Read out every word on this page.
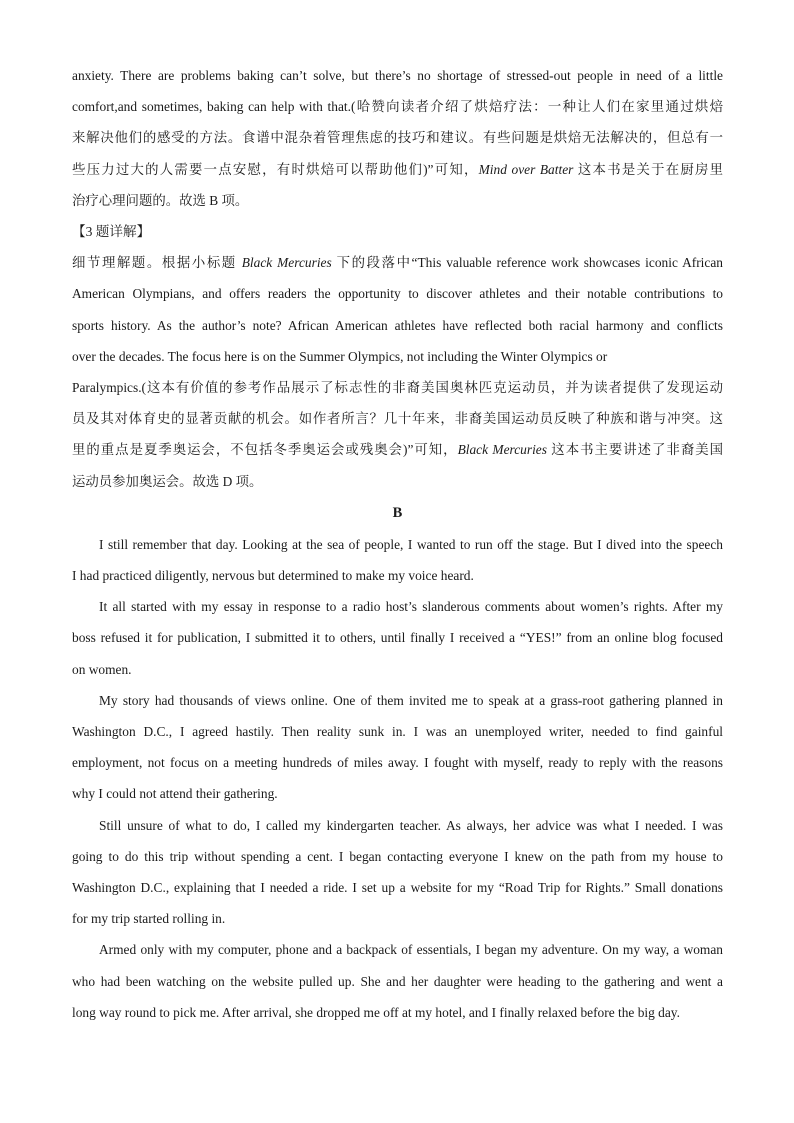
anxiety. There are problems baking can’t solve, but there’s no shortage of stressed-out people in need of a little
comfort,and sometimes, baking can help with that.(哈赞向读者介绍了烘焙疗法：一种让人们在家里通过烘焙
来解决他们的感受的方法。食谱中混杂着管理焦虑的技巧和建议。有些问题是烘焙无法解决的，但总有一
些压力过大的人需要一点安慰，有时烘焙可以帮助他们)”可知，Mind over Batter 这本书是关于在厨房里
治疗心理问题的。故选 B 项。
【3 题详解】
细节理解题。根据小标题 Black Mercuries 下的段落中“This valuable reference work showcases iconic African
American Olympians, and offers readers the opportunity to discover athletes and their notable contributions to
sports history. As the author’s note? African American athletes have reflected both racial harmony and conflicts
over the decades. The focus here is on the Summer Olympics, not including the Winter Olympics or
Paralympics.(这本有价值的参考作品展示了标志性的非裔美国奥林匹克运动员，并为读者提供了发现运动
员及其对体育史的显著贡献的机会。如作者所言？几十年来，非裔美国运动员反映了种族和谐与冲突。这
里的重点是夏季奥运会，不包括冬季奥运会或残奥会)”可知，Black Mercuries 这本书主要讲述了非裔美国
运动员参加奥运会。故选 D 项。
B
I still remember that day. Looking at the sea of people, I wanted to run off the stage. But I dived into the speech
I had practiced diligently, nervous but determined to make my voice heard.
It all started with my essay in response to a radio host’s slanderous comments about women’s rights. After my
boss refused it for publication, I submitted it to others, until finally I received a “YES!” from an online blog focused
on women.
My story had thousands of views online. One of them invited me to speak at a grass-root gathering planned in
Washington D.C., I agreed hastily. Then reality sunk in. I was an unemployed writer, needed to find gainful
employment, not focus on a meeting hundreds of miles away. I fought with myself, ready to reply with the reasons
why I could not attend their gathering.
Still unsure of what to do, I called my kindergarten teacher. As always, her advice was what I needed. I was
going to do this trip without spending a cent. I began contacting everyone I knew on the path from my house to
Washington D.C., explaining that I needed a ride. I set up a website for my “Road Trip for Rights.” Small donations
for my trip started rolling in.
Armed only with my computer, phone and a backpack of essentials, I began my adventure. On my way, a woman
who had been watching on the website pulled up. She and her daughter were heading to the gathering and went a
long way round to pick me. After arrival, she dropped me off at my hotel, and I finally relaxed before the big day.
